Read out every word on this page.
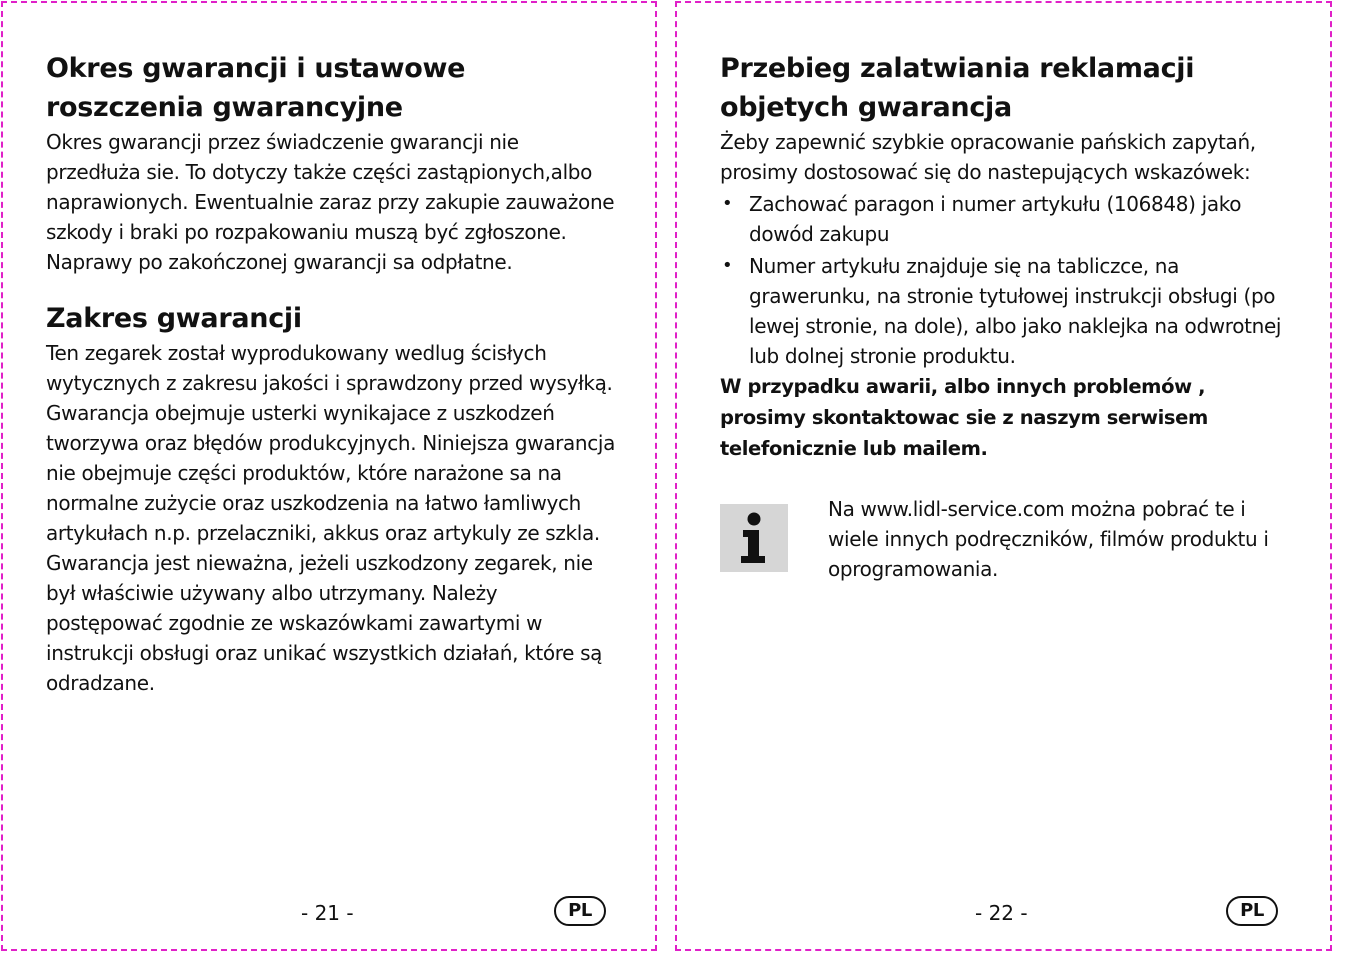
Okres gwarancji i ustawowe roszczenia gwarancyjne

Okres gwarancji przez świadczenie gwarancji nie przedłuża sie. To dotyczy także części zastąpionych,albo naprawionych. Ewentualnie zaraz przy zakupie zauważone szkody i braki po rozpakowaniu muszą być zgłoszone. Naprawy po zakończonej gwarancji sa odpłatne.

Zakres gwarancji

Ten zegarek został wyprodukowany wedlug ścisłych wytycznych z zakresu jakości i sprawdzony przed wysyłką. Gwarancja obejmuje usterki wynikajace z uszkodzeń tworzywa oraz błędów produkcyjnych. Niniejsza gwarancja nie obejmuje części produktów, które narażone sa na normalne zużycie oraz uszkodzenia na łatwo łamliwych artykułach n.p. przelaczniki, akkus oraz artykuly ze szkla.

Gwarancja jest nieważna, jeżeli uszkodzony zegarek, nie był właściwie używany albo utrzymany. Należy postępować zgodnie ze wskazówkami zawartymi w instrukcji obsługi oraz unikać wszystkich działań, które są odradzane.

- 21 -	PL
Przebieg zalatwiania reklamacji objetych gwarancja

Żeby zapewnić szybkie opracowanie pańskich zapytań, prosimy dostosować się do nastepujących wskazówek:

• Zachować paragon i numer artykułu (106848) jako dowód zakupu
• Numer artykułu znajduje się na tabliczce, na grawerunku, na stronie tytułowej instrukcji obsługi (po lewej stronie, na dole), albo jako naklejka na odwrotnej lub dolnej stronie produktu.

W przypadku awarii, albo innych problemów , prosimy skontaktowac sie z naszym serwisem telefonicznie lub mailem.

Na www.lidl-service.com można pobrać te i wiele innych podręczników, filmów produktu i oprogramowania.
- 22 -	PL
